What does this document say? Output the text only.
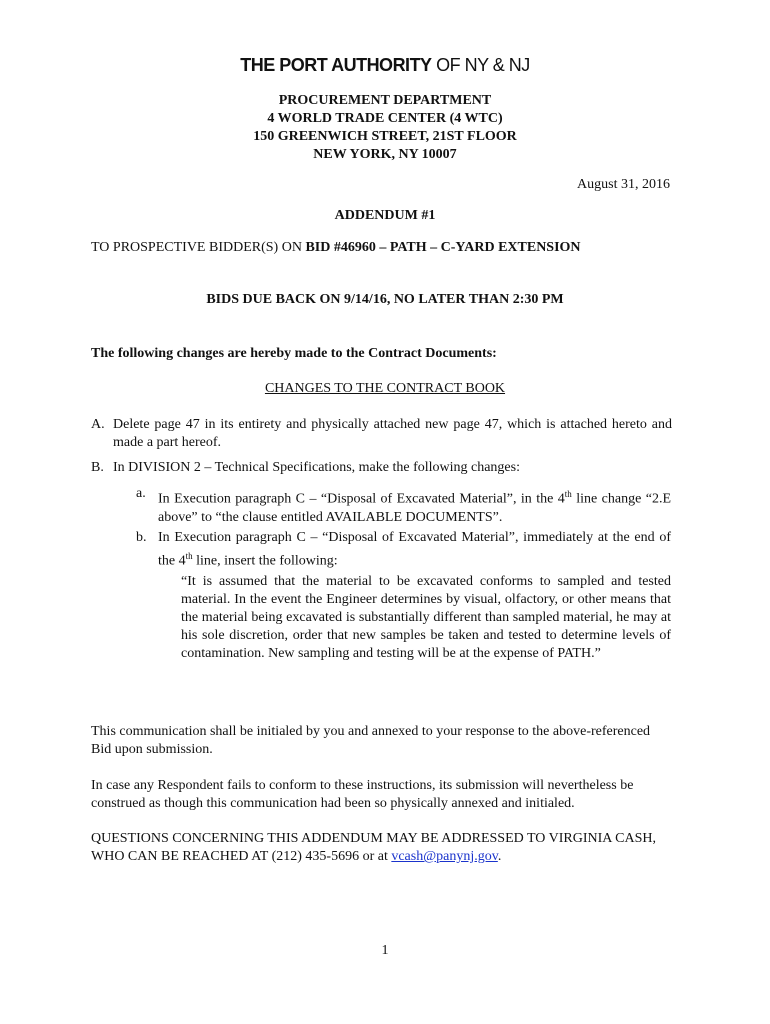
THE PORT AUTHORITY OF NY & NJ
PROCUREMENT DEPARTMENT
4 WORLD TRADE CENTER (4 WTC)
150 GREENWICH STREET, 21ST FLOOR
NEW YORK, NY 10007
August 31, 2016
ADDENDUM #1
TO PROSPECTIVE BIDDER(S) ON BID #46960 – PATH – C-YARD EXTENSION
BIDS DUE BACK ON 9/14/16, NO LATER THAN 2:30 PM
The following changes are hereby made to the Contract Documents:
CHANGES TO THE CONTRACT BOOK
A. Delete page 47 in its entirety and physically attached new page 47, which is attached hereto and made a part hereof.
B. In DIVISION 2 – Technical Specifications, make the following changes:
a. In Execution paragraph C – “Disposal of Excavated Material”, in the 4th line change “2.E above” to “the clause entitled AVAILABLE DOCUMENTS”.
b. In Execution paragraph C – “Disposal of Excavated Material”, immediately at the end of the 4th line, insert the following:
“It is assumed that the material to be excavated conforms to sampled and tested material. In the event the Engineer determines by visual, olfactory, or other means that the material being excavated is substantially different than sampled material, he may at his sole discretion, order that new samples be taken and tested to determine levels of contamination. New sampling and testing will be at the expense of PATH.”
This communication shall be initialed by you and annexed to your response to the above-referenced Bid upon submission.
In case any Respondent fails to conform to these instructions, its submission will nevertheless be construed as though this communication had been so physically annexed and initialed.
QUESTIONS CONCERNING THIS ADDENDUM MAY BE ADDRESSED TO VIRGINIA CASH, WHO CAN BE REACHED AT (212) 435-5696 or at vcash@panynj.gov.
1
